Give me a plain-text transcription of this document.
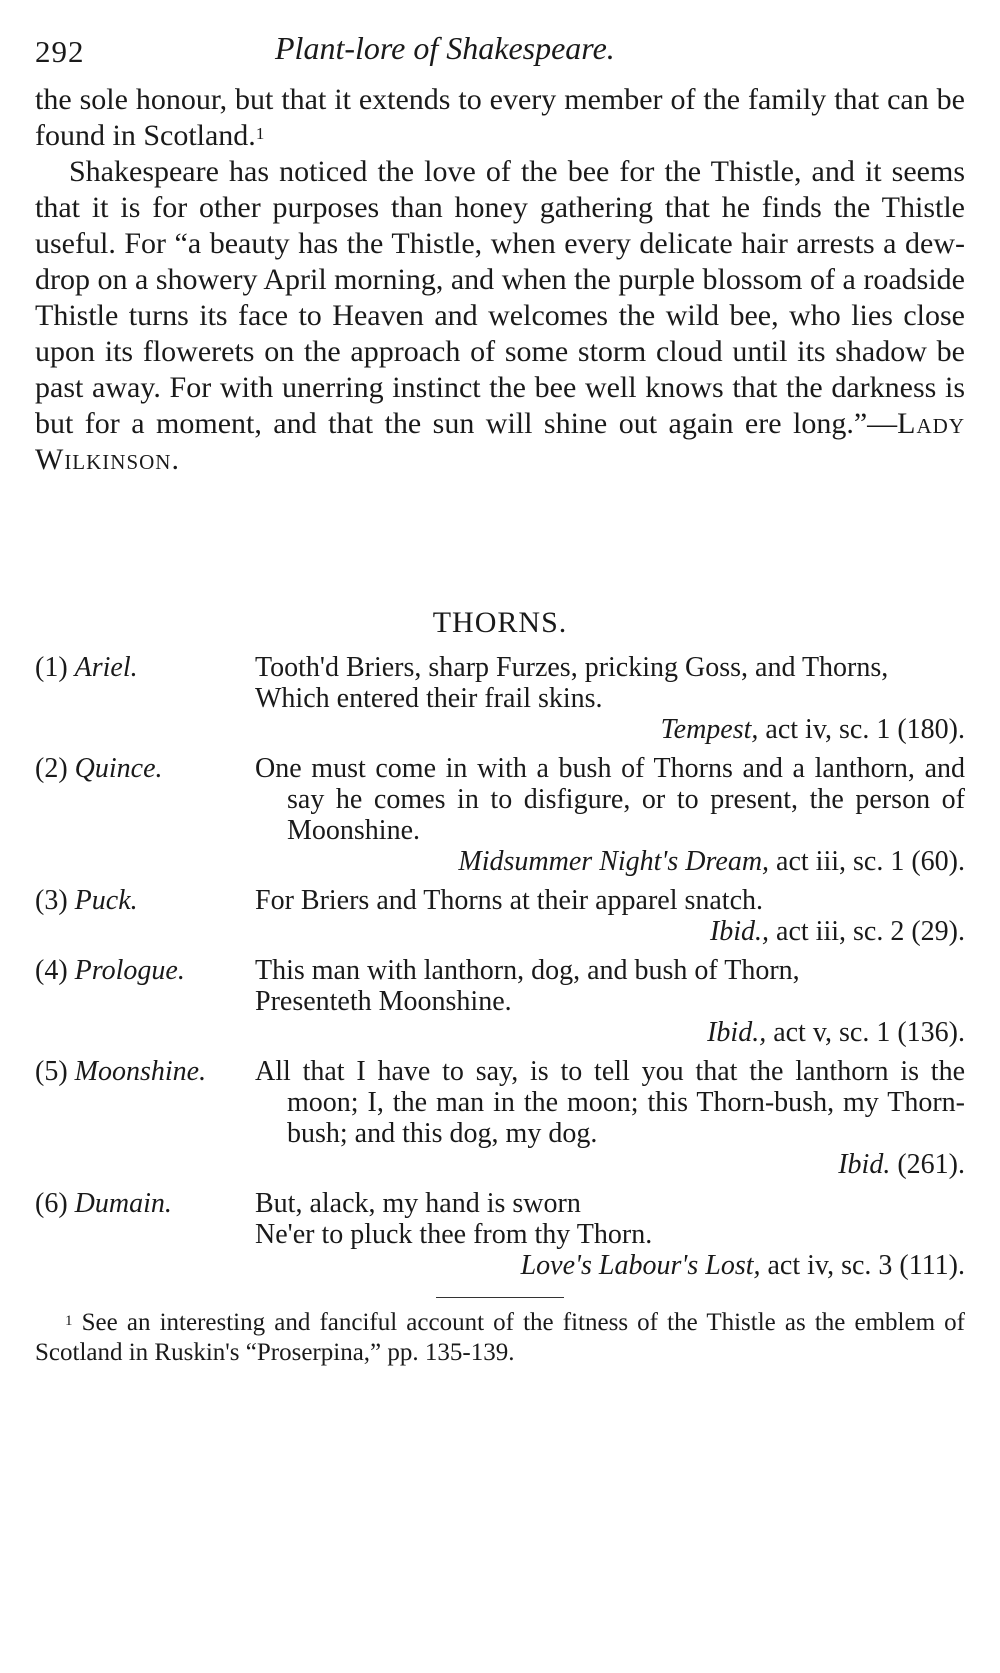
292	Plant-lore of Shakespeare.

the sole honour, but that it extends to every member of the family that can be found in Scotland.$^1$

Shakespeare has noticed the love of the bee for the Thistle, and it seems that it is for other purposes than honey gathering that he finds the Thistle useful. For “a beauty has the Thistle, when every delicate hair arrests a dew-drop on a showery April morning, and when the purple blossom of a roadside Thistle turns its face to Heaven and welcomes the wild bee, who lies close upon its flowerets on the approach of some storm cloud until its shadow be past away. For with unerring instinct the bee well knows that the darkness is but for a moment, and that the sun will shine out again ere long.”—Lady Wilkinson.

THORNS.
(1) Ariel.	Tooth'd Briers, sharp Furzes, pricking Goss, and Thorns,
Which entered their frail skins.
Tempest, act iv, sc. 1 (180).
(2) Quince.	One must come in with a bush of Thorns and a lanthorn, and say he comes in to disfigure, or to present, the person of Moonshine.
Midsummer Night's Dream, act iii, sc. 1 (60).
(3) Puck.	For Briers and Thorns at their apparel snatch.
Ibid., act iii, sc. 2 (29).
(4) Prologue.	This man with lanthorn, dog, and bush of Thorn,
Presenteth Moonshine.
Ibid., act v, sc. 1 (136).
(5) Moonshine.	All that I have to say, is to tell you that the lanthorn is the moon; I, the man in the moon; this Thorn-bush, my Thorn-bush; and this dog, my dog.
Ibid. (261).
(6) Dumain.	But, alack, my hand is sworn
Ne'er to pluck thee from thy Thorn.
Love's Labour's Lost, act iv, sc. 3 (111).

$^1$ See an interesting and fanciful account of the fitness of the Thistle as the emblem of Scotland in Ruskin's “Proserpina,” pp. 135-139.
